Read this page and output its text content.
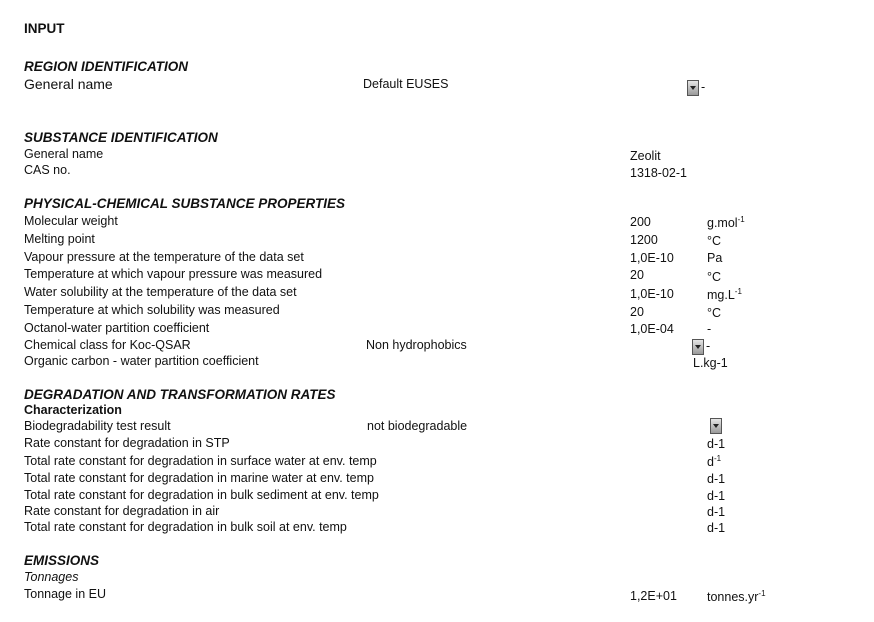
INPUT
REGION IDENTIFICATION
General name	Default EUSES	-
SUBSTANCE IDENTIFICATION
General name	Zeolit
CAS no.	1318-02-1
PHYSICAL-CHEMICAL SUBSTANCE PROPERTIES
Molecular weight	200	g.mol$^{-1}$
Melting point	1200	°C
Vapour pressure at the temperature of the data set	1,0E-10	Pa
Temperature at which vapour pressure was measured	20	°C
Water solubility at the temperature of the data set	1,0E-10	$mg.L^{-1}$
Temperature at which solubility was measured	20	°C
Octanol-water partition coefficient	1,0E-04	-
Chemical class for Koc-QSAR	Non hydrophobics	-
Organic carbon - water partition coefficient	L.kg-1
DEGRADATION AND TRANSFORMATION RATES
Characterization
Biodegradability test result	not biodegradable
Rate constant for degradation in STP	d-1
Total rate constant for degradation in surface water at env. temp	$d^{-1}$
Total rate constant for degradation in marine water at env. temp	d-1
Total rate constant for degradation in bulk sediment at env. temp	d-1
Rate constant for degradation in air	d-1
Total rate constant for degradation in bulk soil at env. temp	d-1
EMISSIONS
Tonnages
Tonnage in EU	1,2E+01 $tonnes.yr^{-1}$
